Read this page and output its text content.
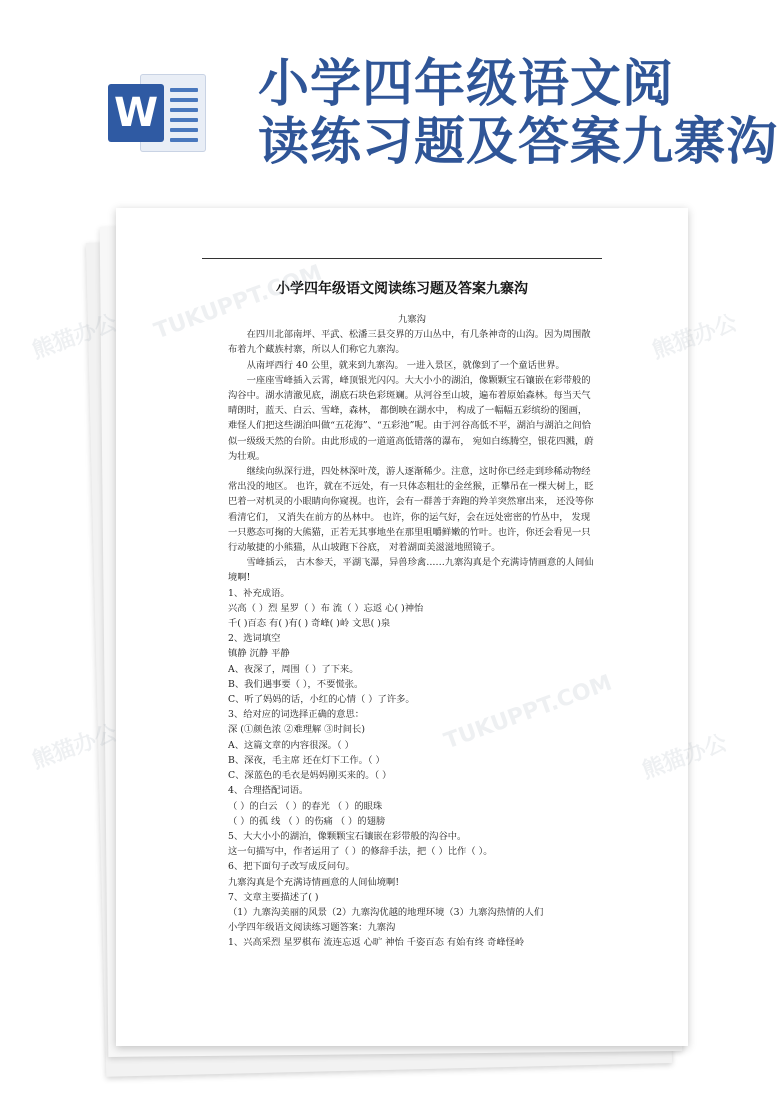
W 小学四年级语文阅
读练习题及答案九寨沟
小学四年级语文阅读练习题及答案九寨沟

九寨沟

在四川北部南坪、平武、松潘三县交界的万山丛中，有几条神奇的山沟。因为周围散布着九个藏族村寨，所以人们称它九寨沟。

从南坪西行 40 公里，就来到九寨沟。 一进入景区，就像到了一个童话世界。

一座座雪峰插入云霄，峰顶银光闪闪。大大小小的湖泊，像颗颗宝石镶嵌在彩带般的沟谷中。湖水清澈见底，湖底石块色彩斑斓。从河谷至山坡，遍布着原始森林。每当天气晴朗时，蓝天、白云、雪峰，森林， 都倒映在湖水中， 构成了一幅幅五彩缤纷的图画，难怪人们把这些湖泊叫做“五花海”、“五彩池”呢。由于河谷高低不平，湖泊与湖泊之间恰似一级级天然的台阶。由此形成的一道道高低错落的瀑布， 宛如白练腾空，银花四溅，蔚为壮观。

继续向纵深行进，四处林深叶茂，游人逐渐稀少。注意，这时你已经走到珍稀动物经常出没的地区。 也许，就在不远处，有一只体态粗壮的金丝猴，正攀吊在一棵大树上，眨巴着一对机灵的小眼睛向你窥视。也许，会有一群善于奔跑的羚羊突然窜出来， 还没等你看清它们， 又消失在前方的丛林中。 也许，你的运气好，会在远处密密的竹丛中， 发现一只憨态可掬的大熊猫，正若无其事地坐在那里咀嚼鲜嫩的竹叶。也许，你还会看见一只行动敏捷的小熊猫，从山坡跑下谷底， 对着湖面美滋滋地照镜子。

雪峰插云， 古木参天，平湖飞瀑，异兽珍禽‥‥‥九寨沟真是个充满诗情画意的人间仙境啊!

1、补充成语。

兴高（ ）烈 星罗（ ）布 流（ ）忘返 心( )神怡

千( )百态 有( )有( ) 奇峰( )岭 文思( )泉

2、选词填空

镇静 沉静 平静

A、夜深了，周围（ ）了下来。

B、我们遇事要（ ），不要慌张。

C、听了妈妈的话，小红的心情（ ）了许多。

3、给对应的词选择正确的意思：

深 (①颜色浓 ②难理解 ③时间长)

A、这篇文章的内容很深。（ ）

B、深夜，毛主席 还在灯下工作。（ ）

C、深蓝色的毛衣是妈妈刚买来的。（ ）

4、合理搭配词语。

（ ）的白云 （ ）的春光 （ ）的眼珠

（ ）的孤 线 （ ）的伤痛 （ ）的翅膀

5、大大小小的湖泊，像颗颗宝石镶嵌在彩带般的沟谷中。

这一句描写中，作者运用了（ ）的修辞手法，把（ ）比作（ ）。

6、把下面句子改写成反问句。

九寨沟真是个充满诗情画意的人间仙境啊!

7、文章主要描述了( )

（1）九寨沟美丽的风景（2）九寨沟优越的地理环境（3）九寨沟热情的人们

小学四年级语文阅读练习题答案：九寨沟

1、兴高采烈 星罗棋布 流连忘返 心旷 神怡 千姿百态 有始有终 奇峰怪岭

熊猫办公	熊猫办公
熊猫办公
